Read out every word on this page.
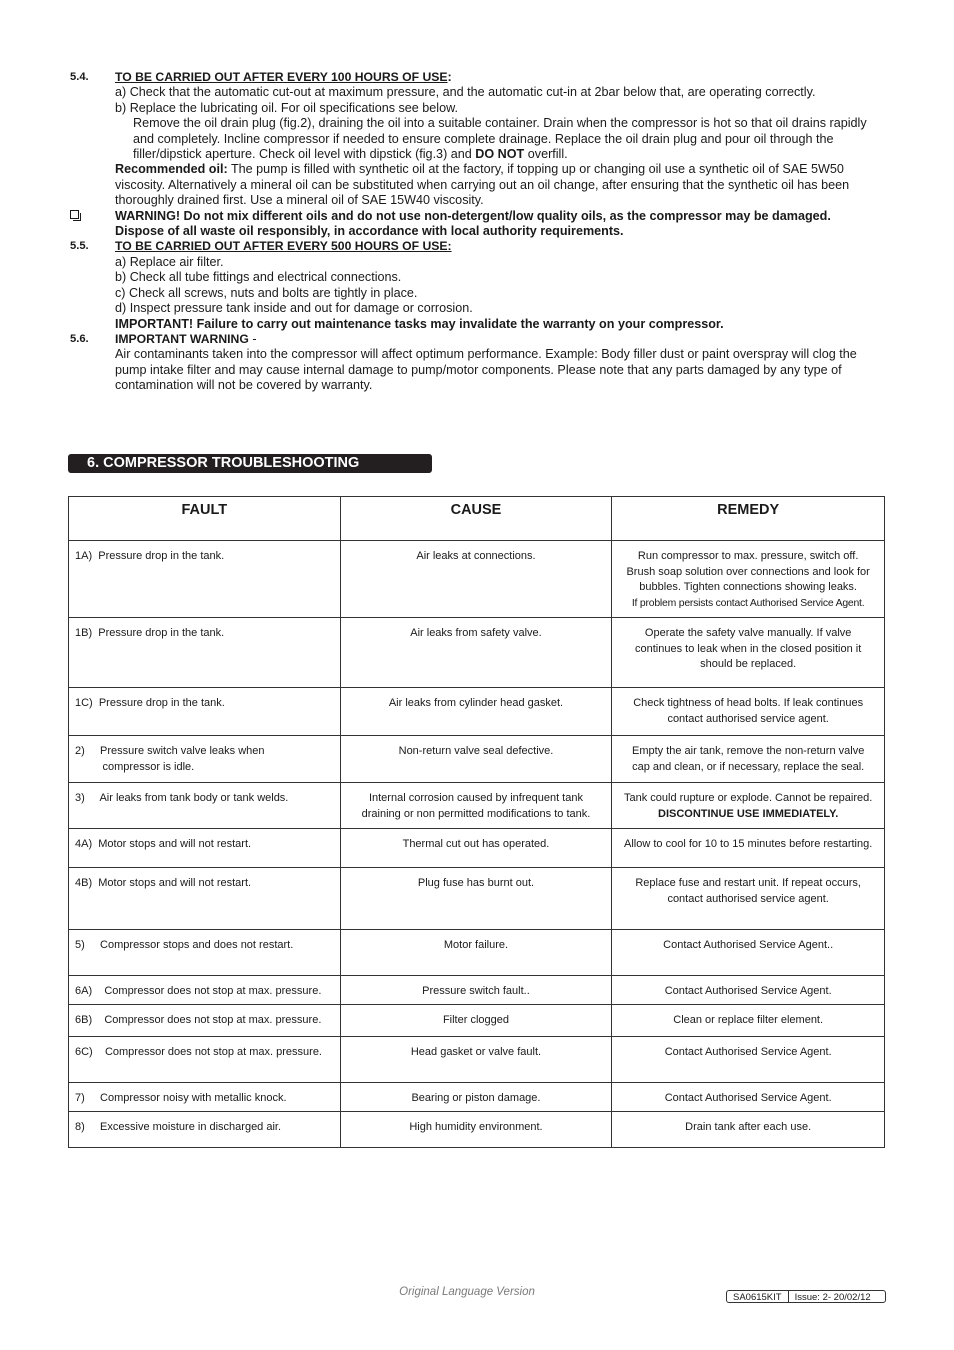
5.4. TO BE CARRIED OUT AFTER EVERY 100 HOURS OF USE:
a) Check that the automatic cut-out at maximum pressure, and the automatic cut-in at 2bar below that, are operating correctly.
b) Replace the lubricating oil. For oil specifications see below.
Remove the oil drain plug (fig.2), draining the oil into a suitable container. Drain when the compressor is hot so that oil drains rapidly and completely. Incline compressor if needed to ensure complete drainage. Replace the oil drain plug and pour oil through the filler/dipstick aperture. Check oil level with dipstick (fig.3) and DO NOT overfill.
Recommended oil: The pump is filled with synthetic oil at the factory, if topping up or changing oil use a synthetic oil of SAE 5W50 viscosity. Alternatively a mineral oil can be substituted when carrying out an oil change, after ensuring that the synthetic oil has been thoroughly drained first. Use a mineral oil of SAE 15W40 viscosity.
WARNING! Do not mix different oils and do not use non-detergent/low quality oils, as the compressor may be damaged.
Dispose of all waste oil responsibly, in accordance with local authority requirements.
5.5. TO BE CARRIED OUT AFTER EVERY 500 HOURS OF USE:
a) Replace air filter.
b) Check all tube fittings and electrical connections.
c) Check all screws, nuts and bolts are tightly in place.
d) Inspect pressure tank inside and out for damage or corrosion.
IMPORTANT! Failure to carry out maintenance tasks may invalidate the warranty on your compressor.
5.6. IMPORTANT WARNING -
Air contaminants taken into the compressor will affect optimum performance. Example: Body filler dust or paint overspray will clog the pump intake filter and may cause internal damage to pump/motor components. Please note that any parts damaged by any type of contamination will not be covered by warranty.
6. COMPRESSOR TROUBLESHOOTING
FAULT	CAUSE	REMEDY
1A)  Pressure drop in the tank.	Air leaks at connections.	Run compressor to max. pressure, switch off. Brush soap solution over connections and look for bubbles. Tighten connections showing leaks.
If problem persists contact Authorised Service Agent.

1B)  Pressure drop in the tank.	Air leaks from safety valve.	Operate the safety valve manually. If valve continues to leak when in the closed position it should be replaced.
1C)  Pressure drop in the tank.	Air leaks from cylinder head gasket.	Check tightness of head bolts. If leak continues contact authorised service agent.
2)     Pressure switch valve leaks when
compressor is idle.	Non-return valve seal defective.	Empty the air tank, remove the non-return valve cap and clean, or if necessary, replace the seal.
3)     Air leaks from tank body or tank welds.	Internal corrosion caused by infrequent tank draining or non permitted modifications to tank.	Tank could rupture or explode. Cannot be repaired.
DISCONTINUE USE IMMEDIATELY.

4A)  Motor stops and will not restart.	Thermal cut out has operated.	Allow to cool for 10 to 15 minutes before restarting.
4B)  Motor stops and will not restart.	Plug fuse has burnt out.	Replace fuse and restart unit. If repeat occurs, contact authorised service agent.
5)     Compressor stops and does not restart.	Motor failure.	Contact Authorised Service Agent..
6A)    Compressor does not stop at max. pressure.	Pressure switch fault..	Contact Authorised Service Agent.
6B)    Compressor does not stop at max. pressure.	Filter clogged	Clean or replace filter element.
6C)    Compressor does not stop at max. pressure.	Head gasket or valve fault.	Contact Authorised Service Agent.
7)     Compressor noisy with metallic knock.	Bearing or piston damage.	Contact Authorised Service Agent.
8)     Excessive moisture in discharged air.	High humidity environment.	Drain tank after each use.
Original Language Version	SA0615KIT	Issue: 2- 20/02/12
